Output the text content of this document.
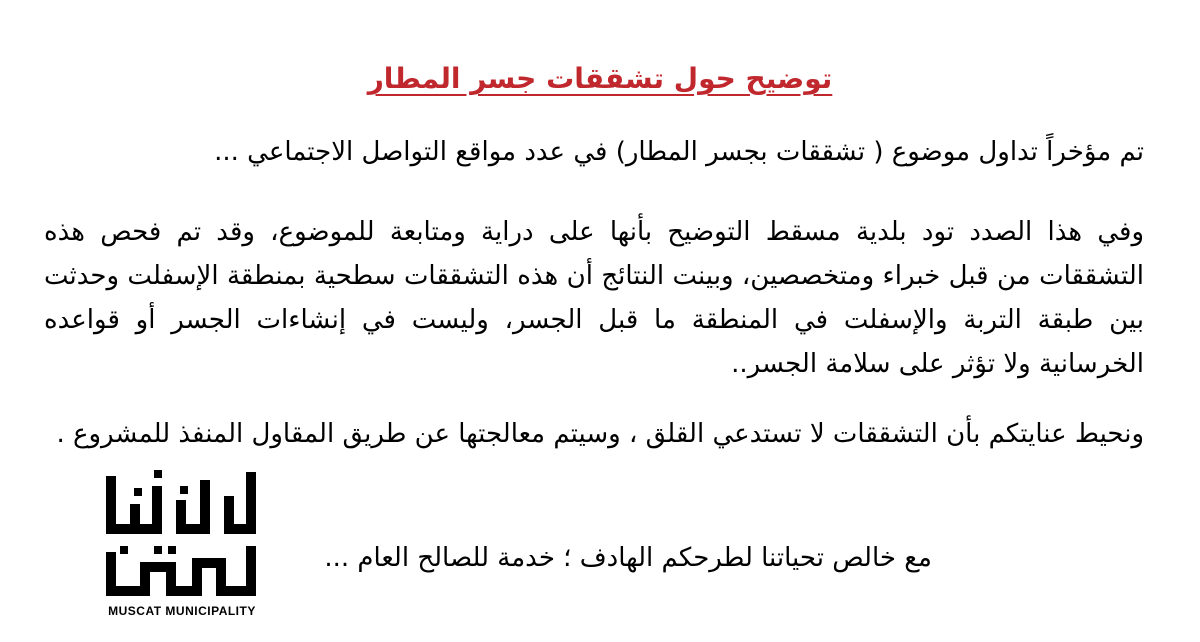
توضيح حول تشققات جسر المطار
تم مؤخراً تداول موضوع ( تشققات بجسر المطار) في عدد مواقع التواصل الاجتماعي ...
وفي هذا الصدد تود بلدية مسقط التوضيح بأنها على دراية ومتابعة للموضوع، وقد تم فحص هذه التشققات من قبل خبراء ومتخصصين، وبينت النتائج أن هذه التشققات سطحية بمنطقة الإسفلت وحدثت بين طبقة التربة والإسفلت في المنطقة ما قبل الجسر، وليست في إنشاءات الجسر أو قواعده الخرسانية ولا تؤثر على سلامة الجسر..
ونحيط عنايتكم بأن التشققات لا تستدعي القلق ، وسيتم معالجتها عن طريق المقاول المنفذ للمشروع .
مع خالص تحياتنا لطرحكم الهادف ؛ خدمة للصالح العام ...
MUSCAT MUNICIPALITY
